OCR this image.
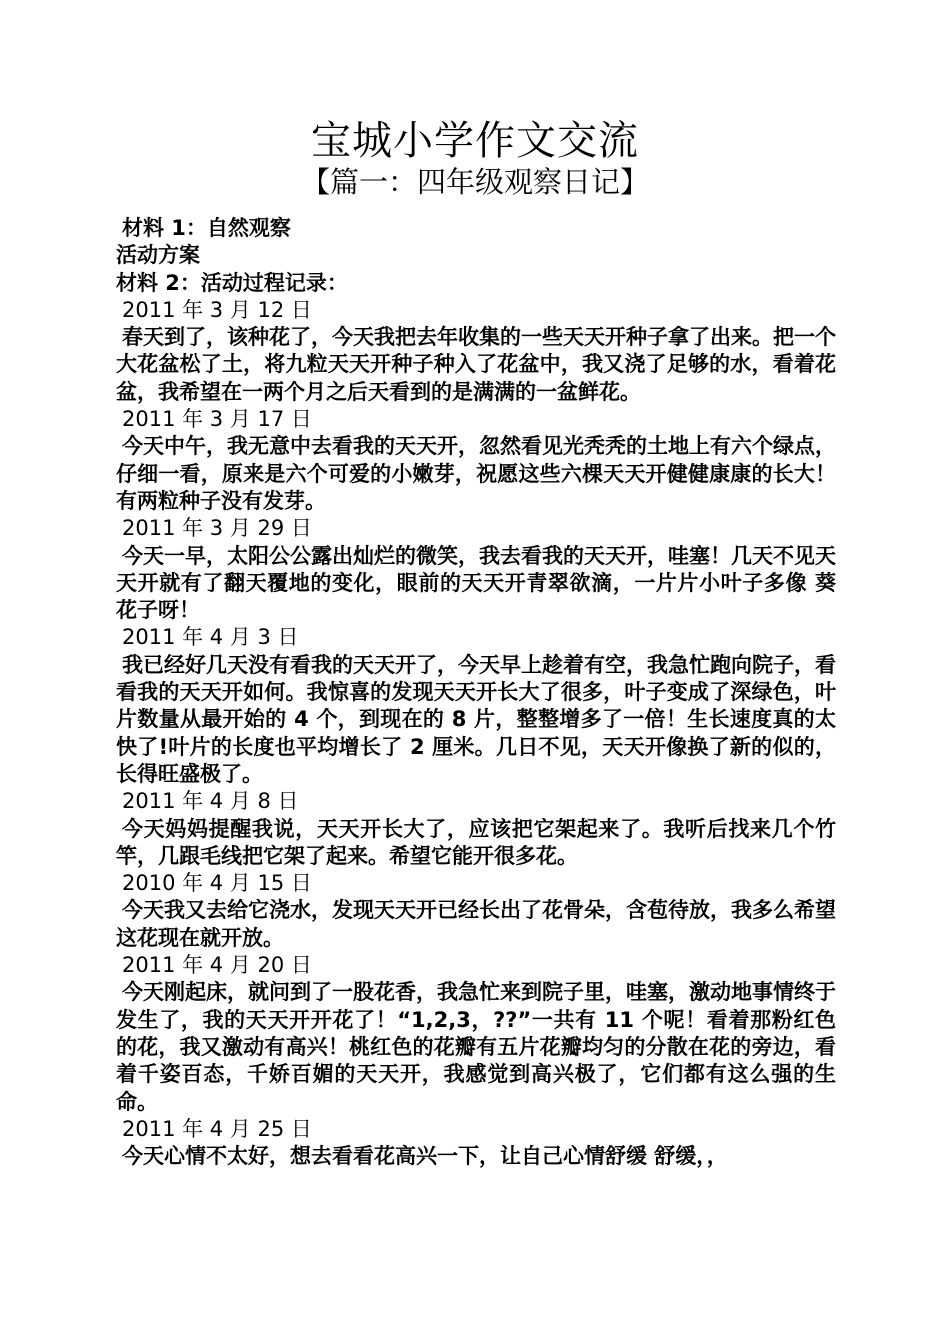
宝城小学作文交流
【篇一：四年级观察日记】
材料 1：自然观察
活动方案
材料 2：活动过程记录：
2011 年 3 月 12 日
春天到了，该种花了，今天我把去年收集的一些天天开种子拿了出来。把一个大花盆松了土，将九粒天天开种子种入了花盆中，我又浇了足够的水，看着花盆，我希望在一两个月之后天看到的是满满的一盆鲜花。
2011 年 3 月 17 日
今天中午，我无意中去看我的天天开，忽然看见光秃秃的土地上有六个绿点，仔细一看，原来是六个可爱的小嫩芽，祝愿这些六棵天天开健健康康的长大！有两粒种子没有发芽。
2011 年 3 月 29 日
今天一早，太阳公公露出灿烂的微笑，我去看我的天天开，哇塞！几天不见天天开就有了翻天覆地的变化，眼前的天天开青翠欲滴，一片片小叶子多像 葵花子呀！
2011 年 4 月 3 日
我已经好几天没有看我的天天开了，今天早上趁着有空，我急忙跑向院子，看看我的天天开如何。我惊喜的发现天天开长大了很多，叶子变成了深绿色，叶片数量从最开始的 4 个，到现在的 8 片，整整增多了一倍！生长速度真的太快了!叶片的长度也平均增长了 2 厘米。几日不见，天天开像换了新的似的，长得旺盛极了。
2011 年 4 月 8 日
今天妈妈提醒我说，天天开长大了，应该把它架起来了。我听后找来几个竹竿，几跟毛线把它架了起来。希望它能开很多花。
2010 年 4 月 15 日
今天我又去给它浇水，发现天天开已经长出了花骨朵，含苞待放，我多么希望这花现在就开放。
2011 年 4 月 20 日
今天刚起床，就问到了一股花香，我急忙来到院子里，哇塞，激动地事情终于发生了，我的天天开开花了！“1,2,3，??”一共有 11 个呢！看着那粉红色的花，我又激动有高兴！桃红色的花瓣有五片花瓣均匀的分散在花的旁边，看着千姿百态，千娇百媚的天天开，我感觉到高兴极了，它们都有这么强的生命。
2011 年 4 月 25 日
今天心情不太好，想去看看花高兴一下，让自己心情舒缓 舒缓，，
